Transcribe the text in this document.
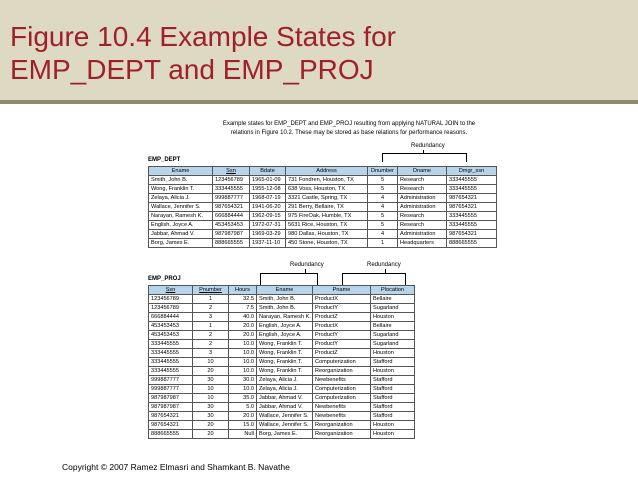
Figure 10.4 Example States for
EMP_DEPT and EMP_PROJ
Example states for EMP_DEPT and EMP_PROJ resulting from applying NATURAL JOIN to the
relations in Figure 10.2. These may be stored as base relations for performance reasons.
Redundancy
EMP_DEPT
Ename	Ssn	Bdate	Address	Dnumber	Dname	Dmgr_ssn
Smith, John B.	123456789	1965-01-09	731 Fondren, Houston, TX	5	Research	333445555
Wong, Franklin T.	333445555	1955-12-08	638 Voss, Houston, TX	5	Research	333445555
Zelaya, Alicia J.	999887777	1968-07-19	3321 Castle, Spring, TX	4	Administration	987654321
Wallace, Jennifer S.	987654321	1941-06-20	291 Berry, Bellaire, TX	4	Administration	987654321
Narayan, Ramesh K.	666884444	1962-09-15	975 FireOak, Humble, TX	5	Research	333445555
English, Joyce A.	453453453	1972-07-31	5631 Rice, Houston, TX	5	Research	333445555
Jabbar, Ahmad V.	987987987	1969-03-29	980 Dallas, Houston, TX	4	Administration	987654321
Borg, James E.	888665555	1937-11-10	450 Stone, Houston, TX	1	Headquarters	888665555
Redundancy	Redundancy
EMP_PROJ
Ssn	Pnumber	Hours	Ename	Pname	Plocation
123456789	1	32.5	Smith, John B.	ProductX	Bellaire
123456789	2	7.5	Smith, John B.	ProductY	Sugarland
666884444	3	40.0	Narayan, Ramesh K.	ProductZ	Houston
453453453	1	20.0	English, Joyce A.	ProductX	Bellaire
453453453	2	20.0	English, Joyce A.	ProductY	Sugarland
333445555	2	10.0	Wong, Franklin T.	ProductY	Sugarland
333445555	3	10.0	Wong, Franklin T.	ProductZ	Houston
333445555	10	10.0	Wong, Franklin T.	Computerization	Stafford
333445555	20	10.0	Wong, Franklin T.	Reorganization	Houston
999887777	30	30.0	Zelaya, Alicia J.	Newbenefits	Stafford
999887777	10	10.0	Zelaya, Alicia J.	Computerization	Stafford
987987987	10	35.0	Jabbar, Ahmad V.	Computerization	Stafford
987987987	30	5.0	Jabbar, Ahmad V.	Newbenefits	Stafford
987654321	30	20.0	Wallace, Jennifer S.	Newbenefits	Stafford
987654321	20	15.0	Wallace, Jennifer S.	Reorganization	Houston
888665555	20	Null	Borg, James E.	Reorganization	Houston
Copyright © 2007 Ramez Elmasri and Shamkant B. Navathe
